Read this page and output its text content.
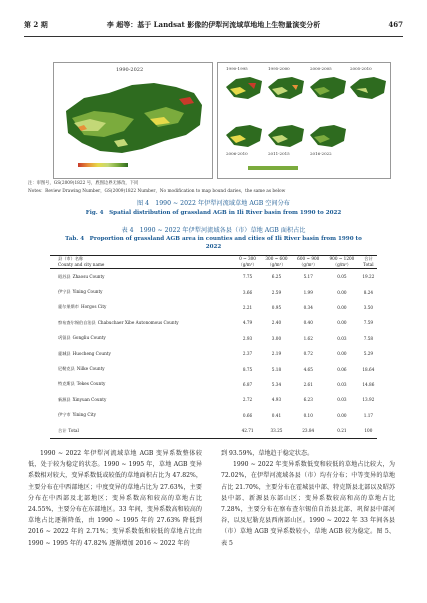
第 2 期	李 超等：基于 Landsat 影像的伊犁河流域草地地上生物量演变分析	467
1990-2022	1990-1995	1995-2000	2000-2005	2005-2010
2006-2010	2011-2015	2016-2022
注：审图号，GS(2009)1822 号，底图边界无修改，下同
Notes：Review Drawing Number，GS(2009)1822 Number，No modification to map bound daries，the same as below
图 4　1990 ~ 2022 年伊犁河流域草地 AGB 空间分布
Fig. 4　Spatial distribution of grassland AGB in Ili River basin from 1990 to 2022
表 4　1990 ~ 2022 年伊犁河流域各县（市）草地 AGB 面积占比
Tab. 4　Proportion of grassland AGB area in counties and cities of Ili River basin from 1990 to 2022
县（市）名称	0 ~ 300	300 ~ 600	600 ~ 900	900 ~ 1200	合计
County and city name	（g/m²）	（g/m²）	（g/m²）	（g/m²）	Total
昭苏县 Zhaosu County	7.75	6.25	5.17	0.05	19.22
伊宁县 Yining County	3.66	2.59	1.99	0.00	8.24
霍尔果斯市 Horgos City	2.21	0.95	0.34	0.00	3.50
察布查尔锡伯自治县 Chabuchaer Xibe Autonomous County	4.79	2.40	0.40	0.00	7.59
巩留县 Gongliu County	2.93	3.00	1.62	0.03	7.58
霍城县 Huocheng County	2.37	2.19	0.72	0.00	5.29
尼勒克县 Nilke County	8.75	5.18	4.65	0.06	18.64
特克斯县 Tekes County	6.87	5.34	2.61	0.03	14.86
新源县 Xinyuan County	2.72	4.93	6.23	0.03	13.92
伊宁市 Yining City	0.66	0.41	0.10	0.00	1.17
合计 Total	42.71	33.25	23.84	0.21	100
1990 ~ 2022 年伊犁河流域草地 AGB 变异系数整体较低，处于较为稳定的状态。1990 ~ 1995 年，草地 AGB 变异系数相对较大，变异系数低或较低的草地面积占比为 47.82%，主要分布在中西部地区；中度变异的草地占比为 27.63%，主要分布在中西部及北部地区；变异系数高和较高的草地占比 24.55%，主要分布在东部地区。33 年间，变异系数高和较高的草地占比逐渐降低，由 1990 ~ 1995 年的 27.63% 降低到 2016 ~ 2022 年的 2.71%；变异系数低和较低的草地占比由 1990 ~ 1995 年的 47.82% 逐渐增加 2016 ~ 2022 年的
到 93.59%，草地趋于稳定状态。
1990 ~ 2022 年变异系数低变和较低的草地占比较大，为 72.02%，在伊犁河流域各县（市）均有分布；中等变异的草地占比 21.70%，主要分布在霍城县中部、特克斯县北部以及昭苏县中部、新源县东部山区；变异系数较高和高的草地占比 7.28%，主要分布在察布查尔锡伯自治县北部、巩留县中部河谷，以及尼勒克县西南部山区。1990 ~ 2022 年 33 年间各县（市）草地 AGB 变异系数较小，草地 AGB 较为稳定。图 5、表 5
